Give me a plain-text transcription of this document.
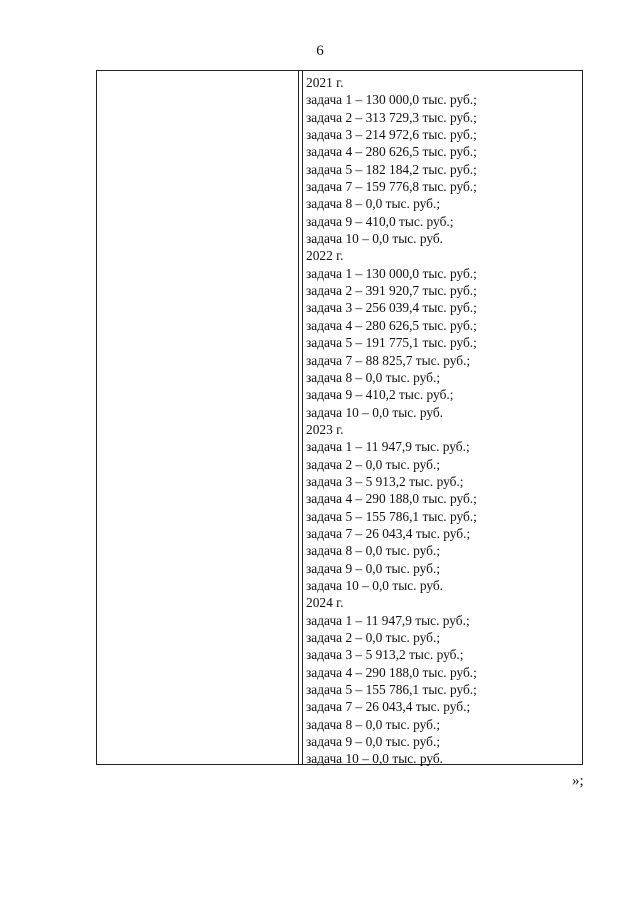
6
2021 г.
задача 1 – 130 000,0 тыс. руб.;
задача 2 – 313 729,3 тыс. руб.;
задача 3 – 214 972,6 тыс. руб.;
задача 4 – 280 626,5 тыс. руб.;
задача 5 – 182 184,2 тыс. руб.;
задача 7 – 159 776,8 тыс. руб.;
задача 8 – 0,0 тыс. руб.;
задача 9 – 410,0 тыс. руб.;
задача 10 – 0,0 тыс. руб.
2022 г.
задача 1 – 130 000,0 тыс. руб.;
задача 2 – 391 920,7 тыс. руб.;
задача 3 – 256 039,4 тыс. руб.;
задача 4 – 280 626,5 тыс. руб.;
задача 5 – 191 775,1 тыс. руб.;
задача 7 – 88 825,7 тыс. руб.;
задача 8 – 0,0 тыс. руб.;
задача 9 – 410,2 тыс. руб.;
задача 10 – 0,0 тыс. руб.
2023 г.
задача 1 – 11 947,9 тыс. руб.;
задача 2 – 0,0 тыс. руб.;
задача 3 – 5 913,2 тыс. руб.;
задача 4 – 290 188,0 тыс. руб.;
задача 5 – 155 786,1 тыс. руб.;
задача 7 – 26 043,4 тыс. руб.;
задача 8 – 0,0 тыс. руб.;
задача 9 – 0,0 тыс. руб.;
задача 10 – 0,0 тыс. руб.
2024 г.
задача 1 – 11 947,9 тыс. руб.;
задача 2 – 0,0 тыс. руб.;
задача 3 – 5 913,2 тыс. руб.;
задача 4 – 290 188,0 тыс. руб.;
задача 5 – 155 786,1 тыс. руб.;
задача 7 – 26 043,4 тыс. руб.;
задача 8 – 0,0 тыс. руб.;
задача 9 – 0,0 тыс. руб.;
задача 10 – 0,0 тыс. руб.
»;
